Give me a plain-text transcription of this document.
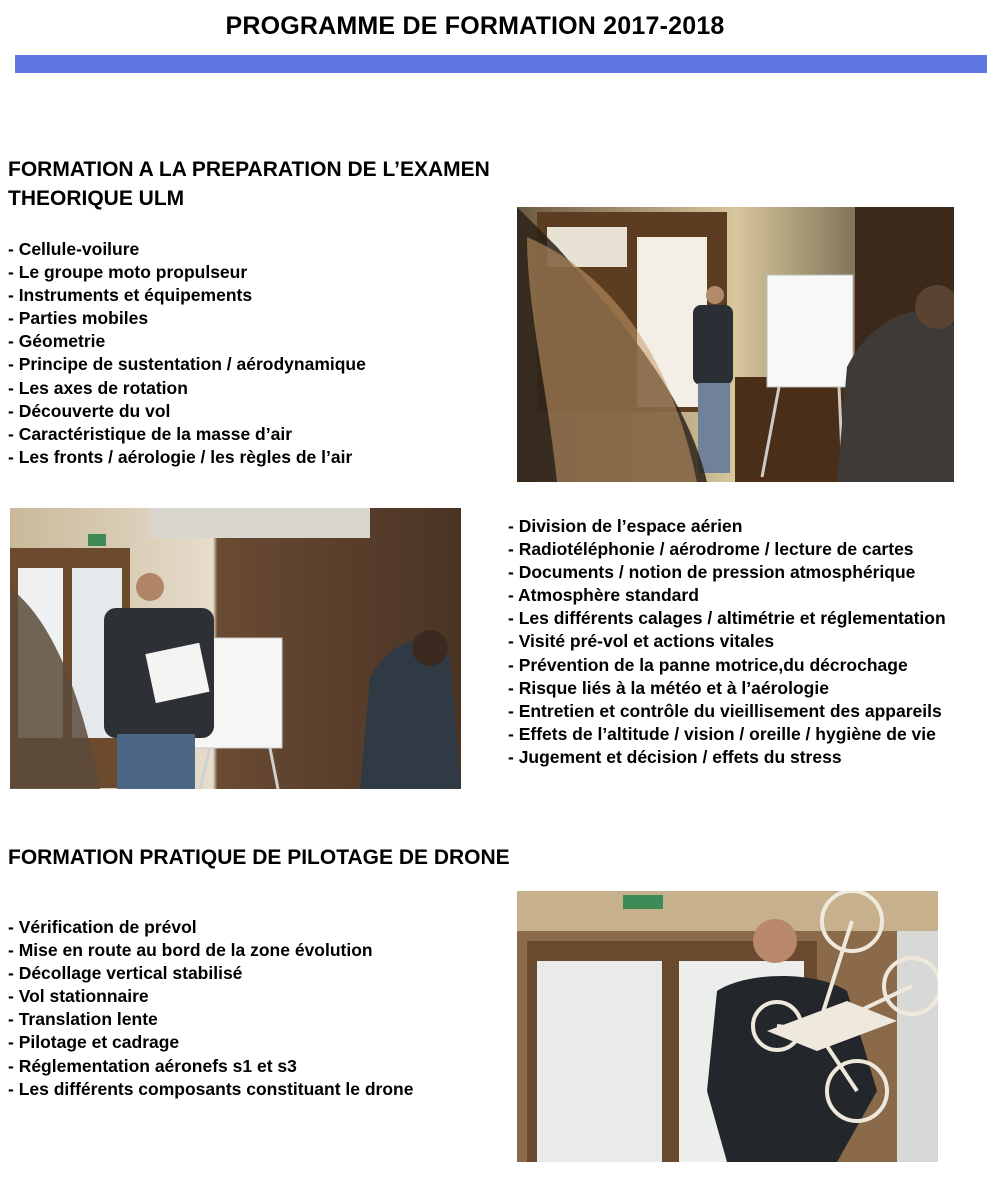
PROGRAMME DE FORMATION 2017-2018
FORMATION A LA PREPARATION DE L’EXAMEN
THEORIQUE ULM
- Cellule-voilure
- Le groupe moto propulseur
- Instruments et équipements
- Parties mobiles
- Géometrie
- Principe de sustentation / aérodynamique
- Les axes de rotation
- Découverte du vol
- Caractéristique de la masse d’air
- Les fronts / aérologie / les règles de l’air
- Division de l’espace aérien
- Radiotéléphonie / aérodrome / lecture de cartes
- Documents / notion de pression atmosphérique
- Atmosphère standard
- Les différents calages / altimétrie et réglementation
- Visité pré-vol et actions vitales
- Prévention de la panne motrice,du décrochage
- Risque liés à la météo et à l’aérologie
- Entretien et contrôle du vieillisement des appareils
- Effets de l’altitude / vision / oreille / hygiène de vie
- Jugement et décision / effets du stress
FORMATION PRATIQUE DE PILOTAGE DE DRONE
- Vérification de prévol
- Mise en route au bord de la zone évolution
- Décollage vertical stabilisé
- Vol stationnaire
- Translation lente
- Pilotage et cadrage
- Réglementation aéronefs s1 et s3
- Les différents composants constituant le drone
